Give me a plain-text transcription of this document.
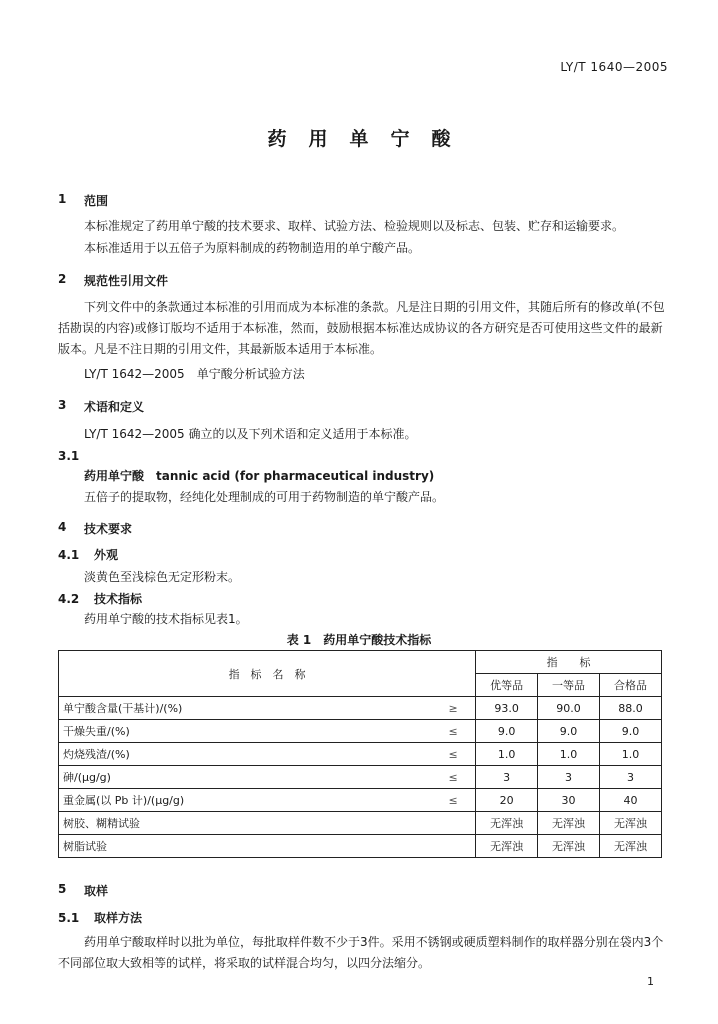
LY/T 1640—2005
药用单宁酸
1 范围
本标准规定了药用单宁酸的技术要求、取样、试验方法、检验规则以及标志、包装、贮存和运输要求。
本标准适用于以五倍子为原料制成的药物制造用的单宁酸产品。
2 规范性引用文件
下列文件中的条款通过本标准的引用而成为本标准的条款。凡是注日期的引用文件，其随后所有的修改单(不包括勘误的内容)或修订版均不适用于本标准，然而，鼓励根据本标准达成协议的各方研究是否可使用这些文件的最新版本。凡是不注日期的引用文件，其最新版本适用于本标准。
LY/T 1642—2005　单宁酸分析试验方法
3 术语和定义
LY/T 1642—2005 确立的以及下列术语和定义适用于本标准。
3.1
药用单宁酸　tannic acid (for pharmaceutical industry)
五倍子的提取物，经纯化处理制成的可用于药物制造的单宁酸产品。
4 技术要求
4.1 外观
淡黄色至浅棕色无定形粉末。
4.2 技术指标
药用单宁酸的技术指标见表1。
表 1　药用单宁酸技术指标
指　标　名　称		指　　标		
		优等品	一等品	合格品
单宁酸含量(干基计)/(%)	≥	93.0	90.0	88.0
干燥失重/(%)	≤	9.0	9.0	9.0
灼烧残渣/(%)	≤	1.0	1.0	1.0
砷/(μg/g)	≤	3	3	3
重金属(以 Pb 计)/(μg/g)	≤	20	30	40
树胶、糊精试验		无浑浊	无浑浊	无浑浊
树脂试验		无浑浊	无浑浊	无浑浊
5 取样
5.1 取样方法
药用单宁酸取样时以批为单位，每批取样件数不少于3件。采用不锈钢或硬质塑料制作的取样器分别在袋内3个不同部位取大致相等的试样，将采取的试样混合均匀，以四分法缩分。
1
